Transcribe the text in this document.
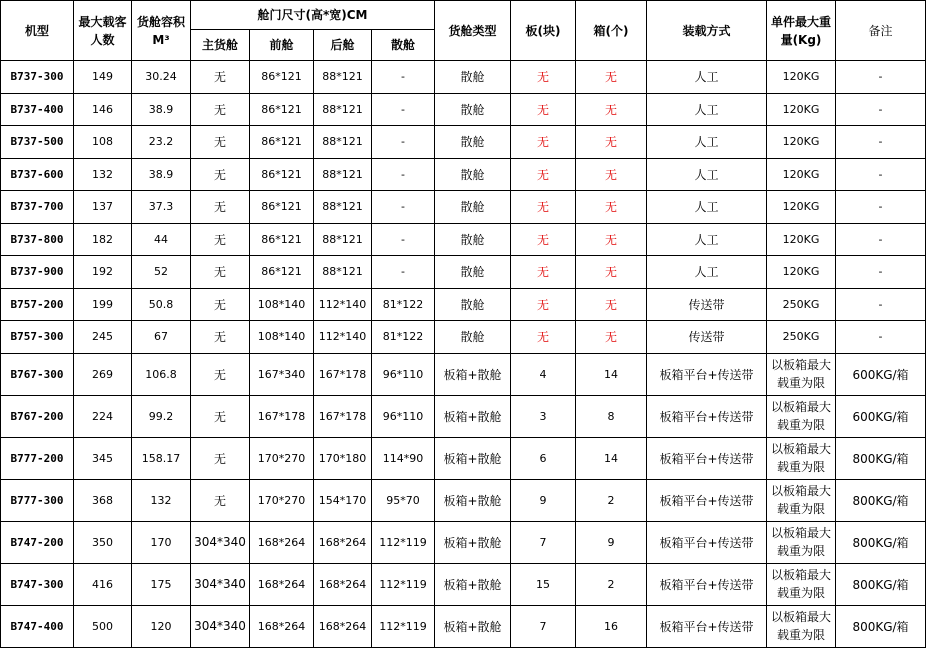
机型	最大载客人数	货舱容积M³	舱门尺寸(高*宽)CM				货舱类型	板(块)	箱(个)	装载方式	单件最大重量(Kg)	备注
			主货舱	前舱	后舱	散舱						
B737-300	149	30.24	无	86*121	88*121	-	散舱	无	无	人工	120KG	-
B737-400	146	38.9	无	86*121	88*121	-	散舱	无	无	人工	120KG	-
B737-500	108	23.2	无	86*121	88*121	-	散舱	无	无	人工	120KG	-
B737-600	132	38.9	无	86*121	88*121	-	散舱	无	无	人工	120KG	-
B737-700	137	37.3	无	86*121	88*121	-	散舱	无	无	人工	120KG	-
B737-800	182	44	无	86*121	88*121	-	散舱	无	无	人工	120KG	-
B737-900	192	52	无	86*121	88*121	-	散舱	无	无	人工	120KG	-
B757-200	199	50.8	无	108*140	112*140	81*122	散舱	无	无	传送带	250KG	-
B757-300	245	67	无	108*140	112*140	81*122	散舱	无	无	传送带	250KG	-
B767-300	269	106.8	无	167*340	167*178	96*110	板箱+散舱	4	14	板箱平台+传送带	以板箱最大载重为限	600KG/箱
B767-200	224	99.2	无	167*178	167*178	96*110	板箱+散舱	3	8	板箱平台+传送带	以板箱最大载重为限	600KG/箱
B777-200	345	158.17	无	170*270	170*180	114*90	板箱+散舱	6	14	板箱平台+传送带	以板箱最大载重为限	800KG/箱
B777-300	368	132	无	170*270	154*170	95*70	板箱+散舱	9	2	板箱平台+传送带	以板箱最大载重为限	800KG/箱
B747-200	350	170	304*340	168*264	168*264	112*119	板箱+散舱	7	9	板箱平台+传送带	以板箱最大载重为限	800KG/箱
B747-300	416	175	304*340	168*264	168*264	112*119	板箱+散舱	15	2	板箱平台+传送带	以板箱最大载重为限	800KG/箱
B747-400	500	120	304*340	168*264	168*264	112*119	板箱+散舱	7	16	板箱平台+传送带	以板箱最大载重为限	800KG/箱
